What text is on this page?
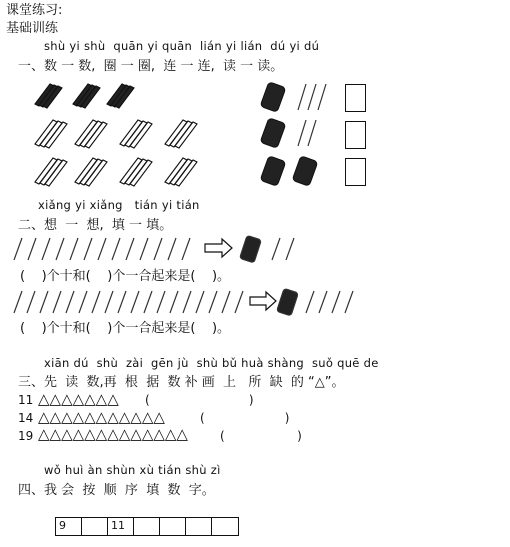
课堂练习:
基础训练
shù yi shù  quān yi quān  lián yi lián  dú yi dú
一、数 一 数,  圈 一 圈,  连 一 连,  读 一 读。
xiǎng yi xiǎng   tián yi tián
二、想  一  想,  填 一 填。
(    )个十和(    )个一合起来是(    )。
(    )个十和(    )个一合起来是(    )。
xiān dú  shù  zài  gēn jù  shù bǔ huà shàng  suǒ quē de
三、先  读  数,再  根  据  数 补 画  上   所  缺  的 “△”。
11 △△△△△△△ (                          )
14 △△△△△△△△△△△	(                     )
19 △△△△△△△△△△△△△	(                   )
wǒ huì àn shùn xù tián shù zì
四、我 会  按  顺  序  填  数  字。
9	11
